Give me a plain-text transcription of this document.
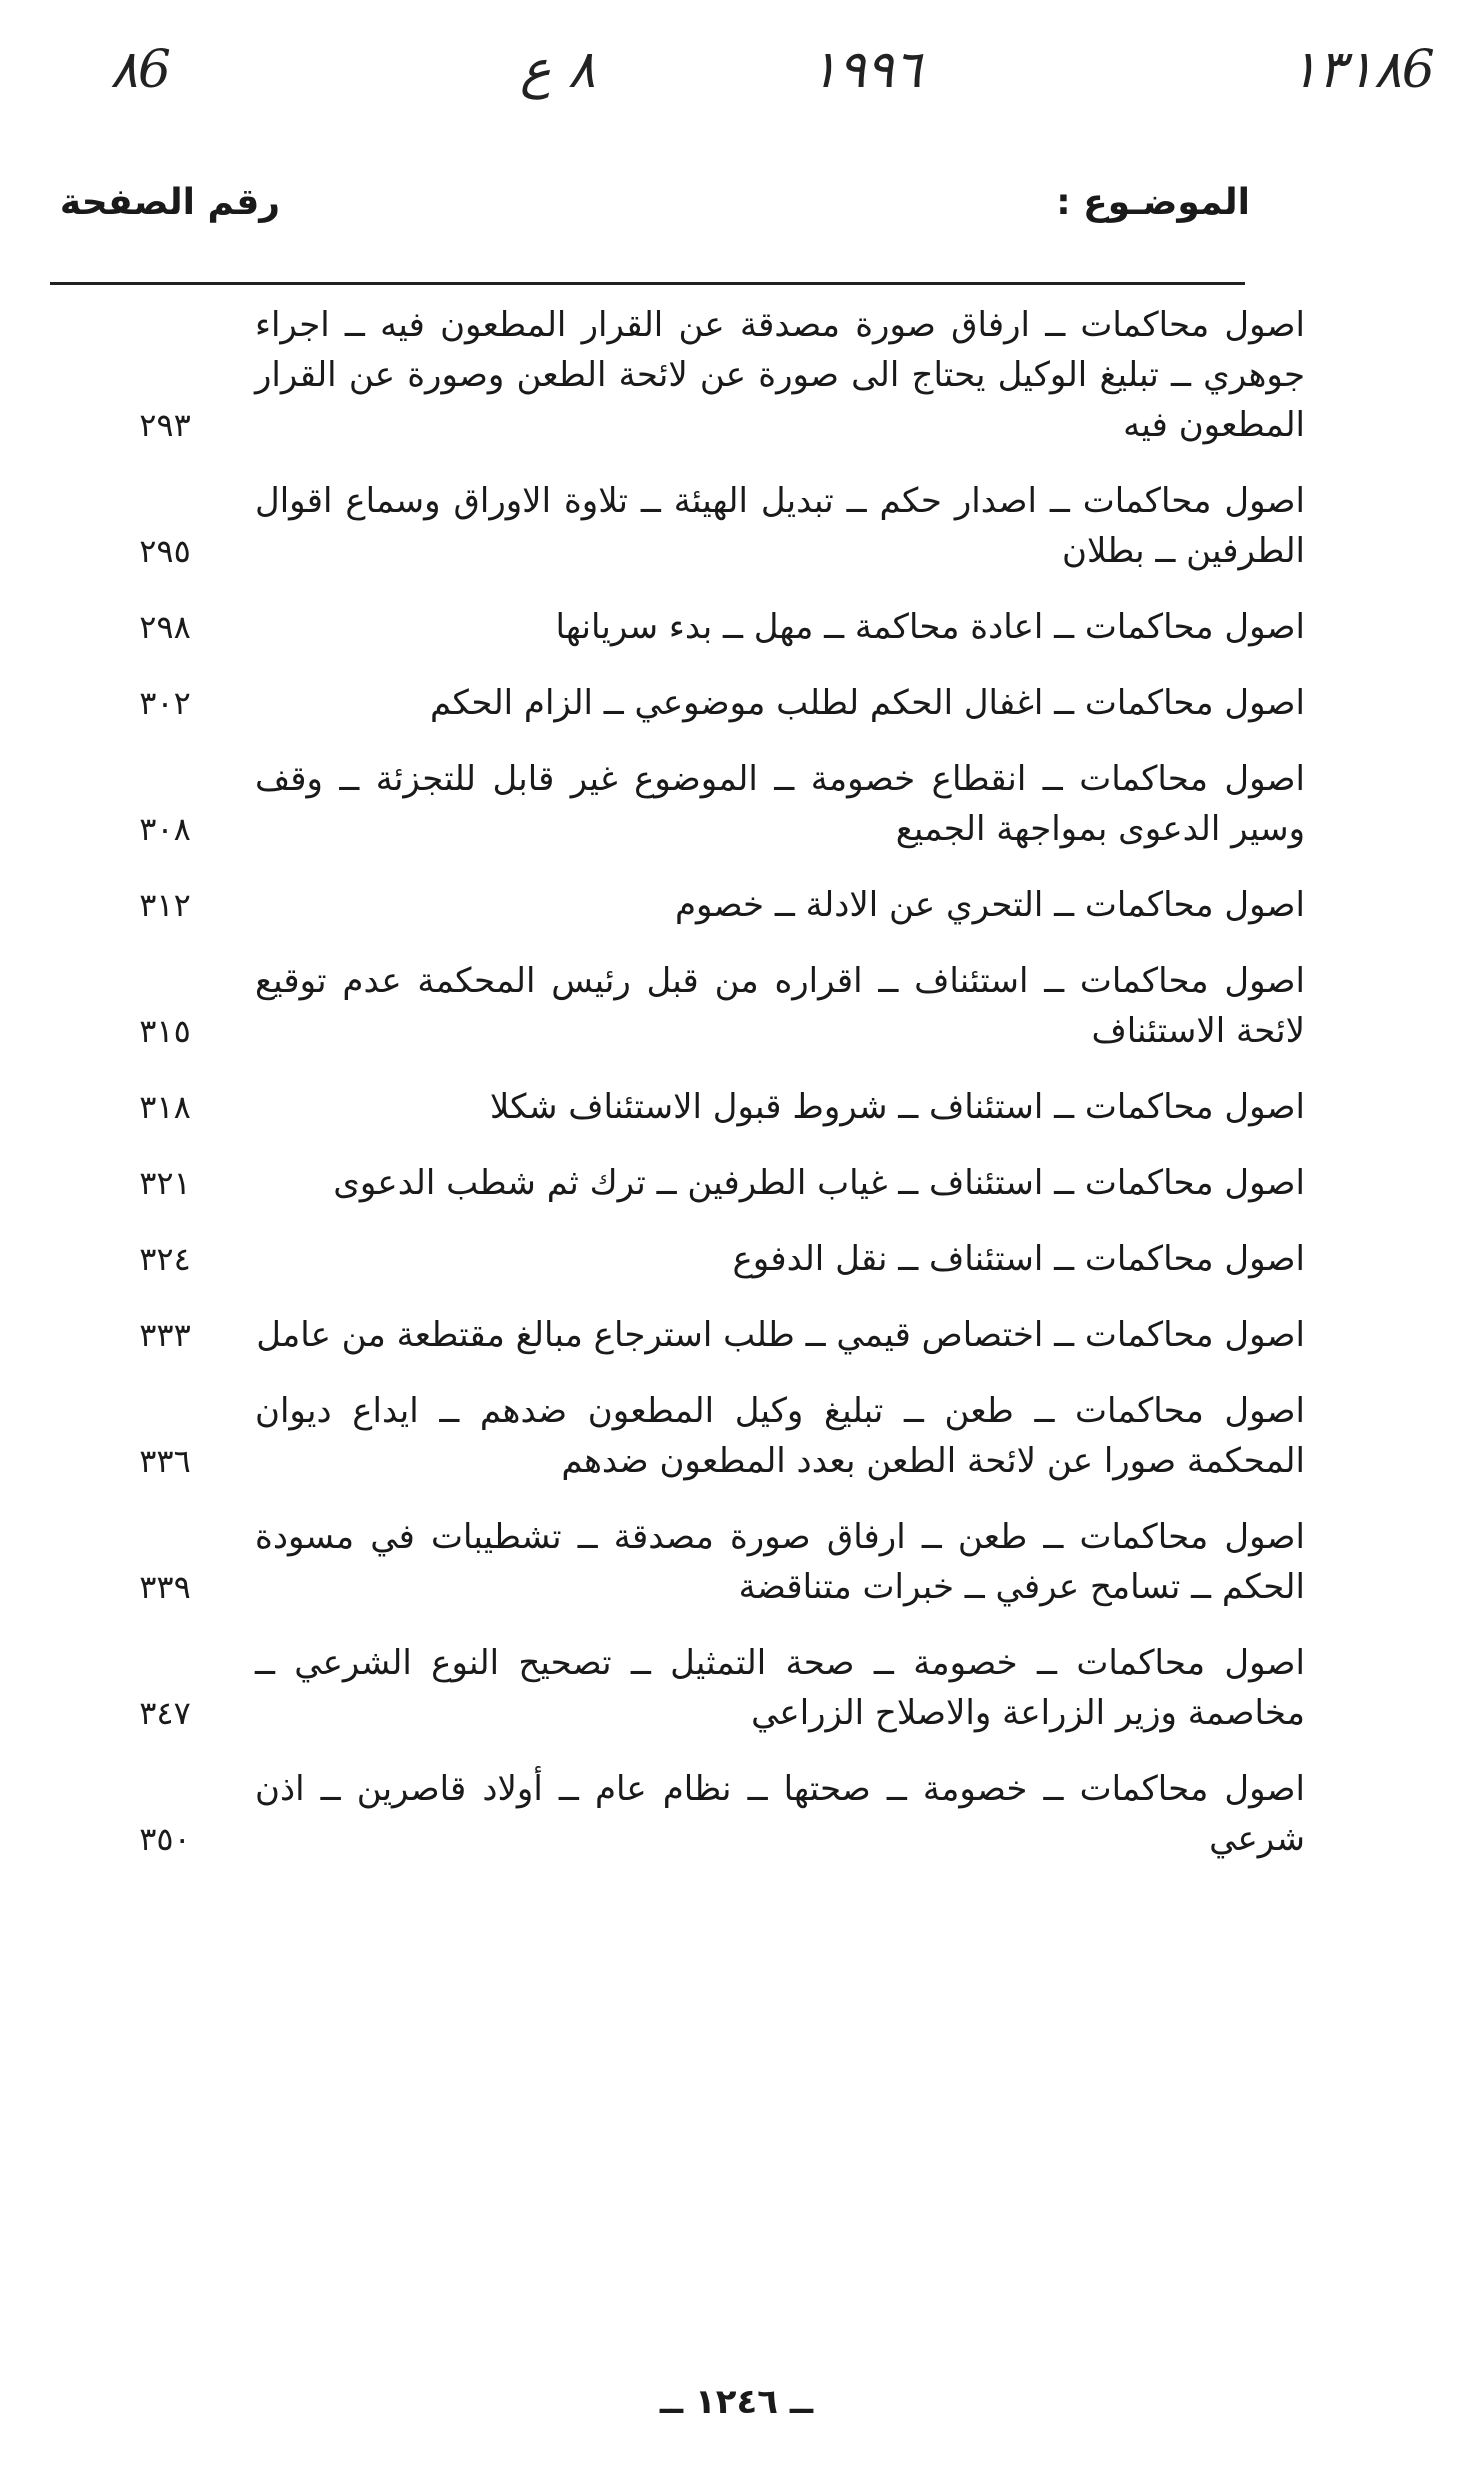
٨6	٨ ع	١٩٩٦	١٣١٨6
الموضـوع :
رقم الصفحة
اصول محاكمات ــ ارفاق صورة مصدقة عن القرار المطعون فيه ــ اجراء جوهري ــ تبليغ الوكيل يحتاج الى صورة عن لائحة الطعن وصورة عن القرار المطعون فيه
٢٩٣
اصول محاكمات ــ اصدار حكم ــ تبديل الهيئة ــ تلاوة الاوراق وسماع اقوال الطرفين ــ بطلان
٢٩٥
اصول محاكمات ــ اعادة محاكمة ــ مهل ــ بدء سريانها
٢٩٨
اصول محاكمات ــ اغفال الحكم لطلب موضوعي ــ الزام الحكم
٣٠٢
اصول محاكمات ــ انقطاع خصومة ــ الموضوع غير قابل للتجزئة ــ وقف وسير الدعوى بمواجهة الجميع
٣٠٨
اصول محاكمات ــ التحري عن الادلة ــ خصوم
٣١٢
اصول محاكمات ــ استئناف ــ اقراره من قبل رئيس المحكمة عدم توقيع لائحة الاستئناف
٣١٥
اصول محاكمات ــ استئناف ــ شروط قبول الاستئناف شكلا
٣١٨
اصول محاكمات ــ استئناف ــ غياب الطرفين ــ ترك ثم شطب الدعوى
٣٢١
اصول محاكمات ــ استئناف ــ نقل الدفوع
٣٢٤
اصول محاكمات ــ اختصاص قيمي ــ طلب استرجاع مبالغ مقتطعة من عامل
٣٣٣
اصول محاكمات ــ طعن ــ تبليغ وكيل المطعون ضدهم ــ ايداع ديوان المحكمة صورا عن لائحة الطعن بعدد المطعون ضدهم
٣٣٦
اصول محاكمات ــ طعن ــ ارفاق صورة مصدقة ــ تشطيبات في مسودة الحكم ــ تسامح عرفي ــ خبرات متناقضة
٣٣٩
اصول محاكمات ــ خصومة ــ صحة التمثيل ــ تصحيح النوع الشرعي ــ مخاصمة وزير الزراعة والاصلاح الزراعي
٣٤٧
اصول محاكمات ــ خصومة ــ صحتها ــ نظام عام ــ أولاد قاصرين ــ اذن شرعي
٣٥٠
ــ ١٢٤٦ ــ
